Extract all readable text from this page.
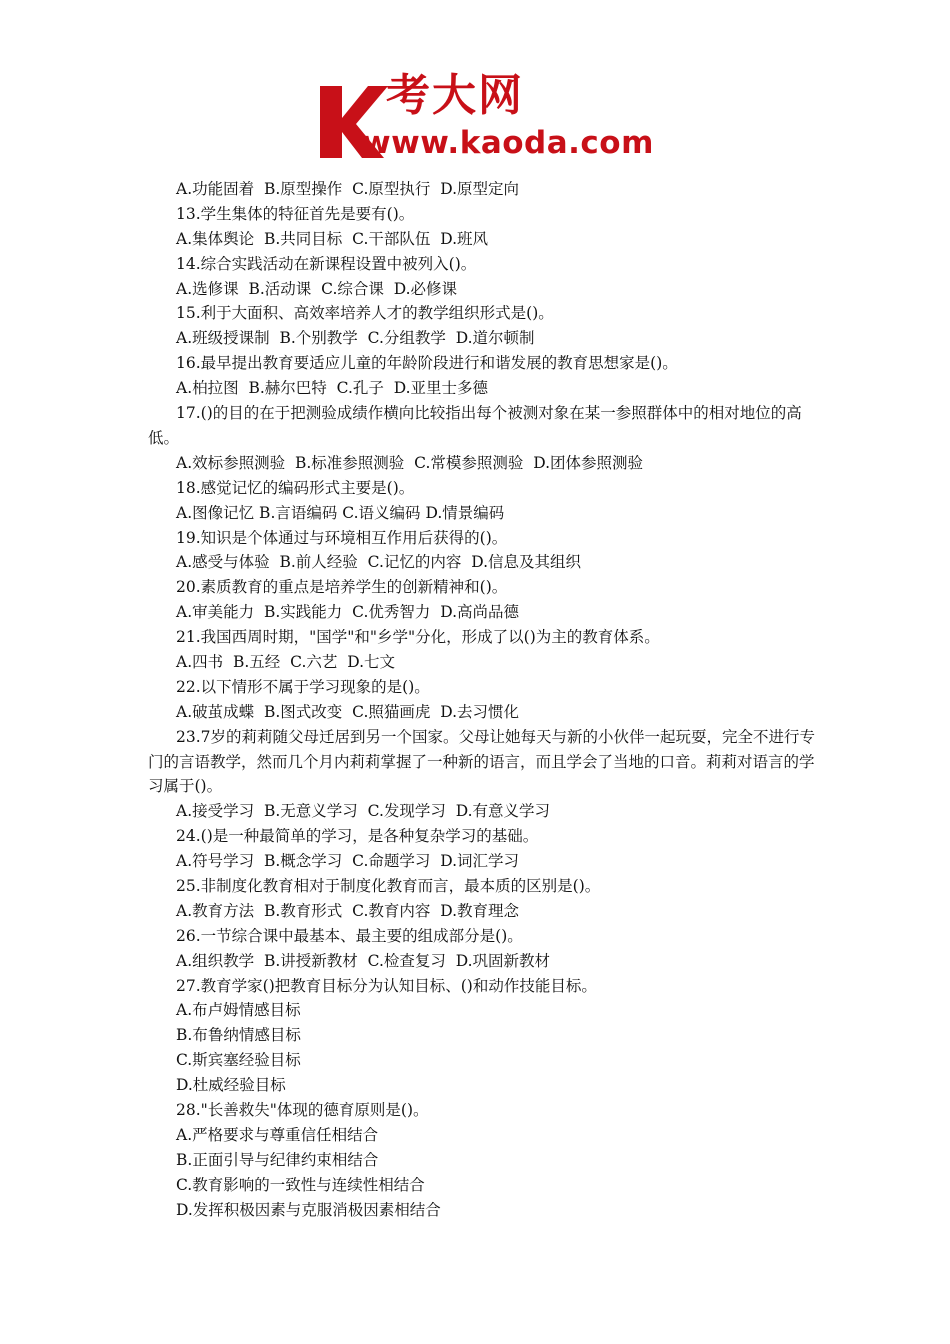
考大网
www.kaoda.com
A.功能固着  B.原型操作  C.原型执行  D.原型定向
13.学生集体的特征首先是要有()。
A.集体舆论  B.共同目标  C.干部队伍  D.班风
14.综合实践活动在新课程设置中被列入()。
A.选修课  B.活动课  C.综合课  D.必修课
15.利于大面积、高效率培养人才的教学组织形式是()。
A.班级授课制  B.个别教学  C.分组教学  D.道尔顿制
16.最早提出教育要适应儿童的年龄阶段进行和谐发展的教育思想家是()。
A.柏拉图  B.赫尔巴特  C.孔子  D.亚里士多德
17.()的目的在于把测验成绩作横向比较指出每个被测对象在某一参照群体中的相对地位的高低。
A.效标参照测验  B.标准参照测验  C.常模参照测验  D.团体参照测验
18.感觉记忆的编码形式主要是()。
A.图像记忆 B.言语编码 C.语义编码 D.情景编码
19.知识是个体通过与环境相互作用后获得的()。
A.感受与体验  B.前人经验  C.记忆的内容  D.信息及其组织
20.素质教育的重点是培养学生的创新精神和()。
A.审美能力  B.实践能力  C.优秀智力  D.高尚品德
21.我国西周时期，"国学"和"乡学"分化，形成了以()为主的教育体系。
A.四书  B.五经  C.六艺  D.七文
22.以下情形不属于学习现象的是()。
A.破茧成蝶  B.图式改变  C.照猫画虎  D.去习惯化
23.7岁的莉莉随父母迁居到另一个国家。父母让她每天与新的小伙伴一起玩耍，完全不进行专门的言语教学，然而几个月内莉莉掌握了一种新的语言，而且学会了当地的口音。莉莉对语言的学习属于()。
A.接受学习  B.无意义学习  C.发现学习  D.有意义学习
24.()是一种最简单的学习，是各种复杂学习的基础。
A.符号学习  B.概念学习  C.命题学习  D.词汇学习
25.非制度化教育相对于制度化教育而言，最本质的区别是()。
A.教育方法  B.教育形式  C.教育内容  D.教育理念
26.一节综合课中最基本、最主要的组成部分是()。
A.组织教学  B.讲授新教材  C.检查复习  D.巩固新教材
27.教育学家()把教育目标分为认知目标、()和动作技能目标。
A.布卢姆情感目标
B.布鲁纳情感目标
C.斯宾塞经验目标
D.杜威经验目标
28."长善救失"体现的德育原则是()。
A.严格要求与尊重信任相结合
B.正面引导与纪律约束相结合
C.教育影响的一致性与连续性相结合
D.发挥积极因素与克服消极因素相结合
